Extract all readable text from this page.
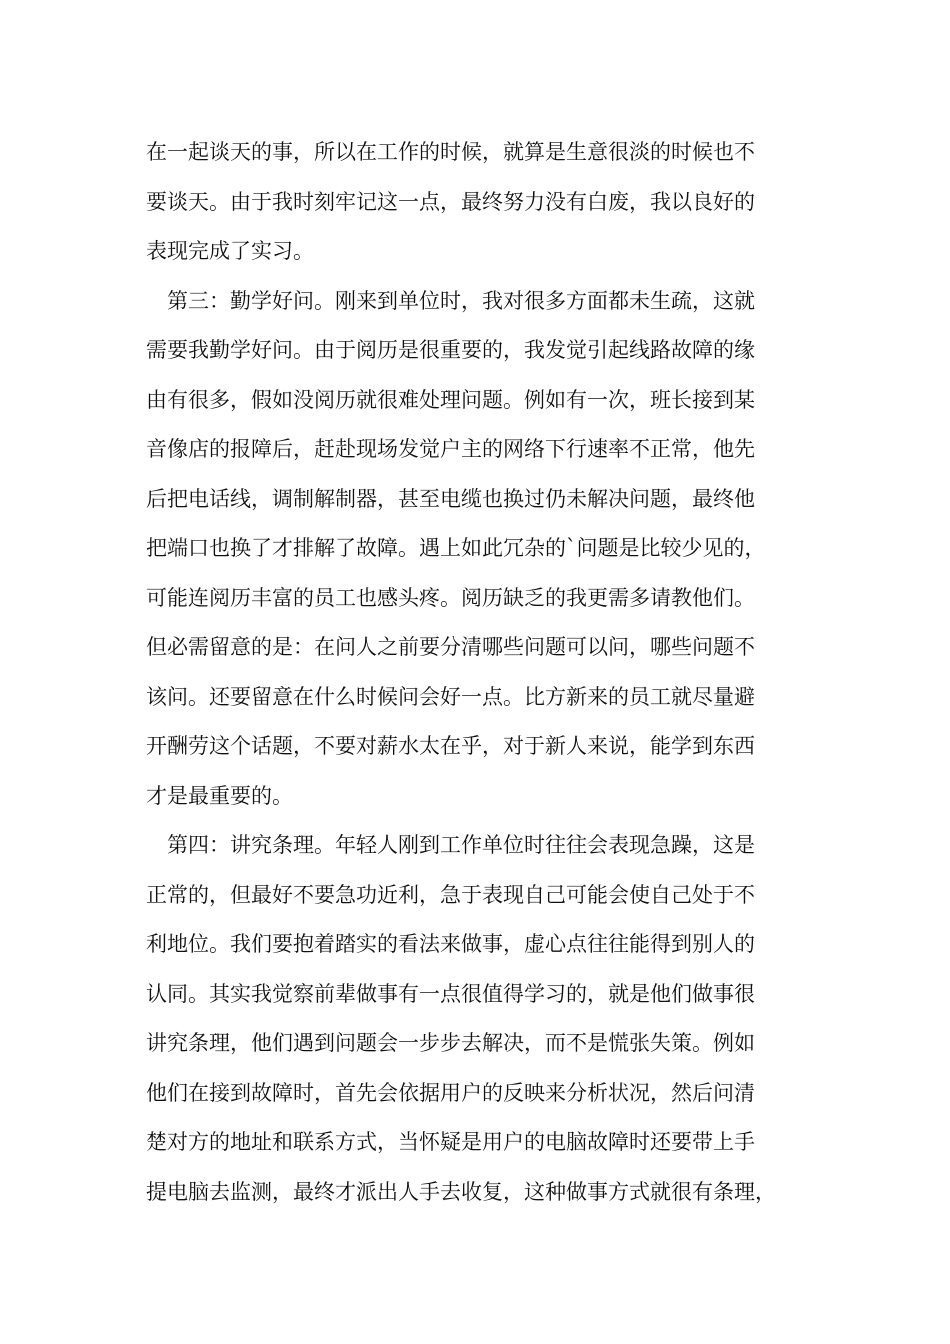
在一起谈天的事，所以在工作的时候，就算是生意很淡的时候也不
要谈天。由于我时刻牢记这一点，最终努力没有白废，我以良好的
表现完成了实习。
　第三：勤学好问。刚来到单位时，我对很多方面都未生疏，这就
需要我勤学好问。由于阅历是很重要的，我发觉引起线路故障的缘
由有很多，假如没阅历就很难处理问题。例如有一次，班长接到某
音像店的报障后，赶赴现场发觉户主的网络下行速率不正常，他先
后把电话线，调制解制器，甚至电缆也换过仍未解决问题，最终他
把端口也换了才排解了故障。遇上如此冗杂的`问题是比较少见的，
可能连阅历丰富的员工也感头疼。阅历缺乏的我更需多请教他们。
但必需留意的是：在问人之前要分清哪些问题可以问，哪些问题不
该问。还要留意在什么时候问会好一点。比方新来的员工就尽量避
开酬劳这个话题，不要对薪水太在乎，对于新人来说，能学到东西
才是最重要的。
　第四：讲究条理。年轻人刚到工作单位时往往会表现急躁，这是
正常的，但最好不要急功近利，急于表现自己可能会使自己处于不
利地位。我们要抱着踏实的看法来做事，虚心点往往能得到别人的
认同。其实我觉察前辈做事有一点很值得学习的，就是他们做事很
讲究条理，他们遇到问题会一步步去解决，而不是慌张失策。例如
他们在接到故障时，首先会依据用户的反映来分析状况，然后问清
楚对方的地址和联系方式，当怀疑是用户的电脑故障时还要带上手
提电脑去监测，最终才派出人手去收复，这种做事方式就很有条理，
